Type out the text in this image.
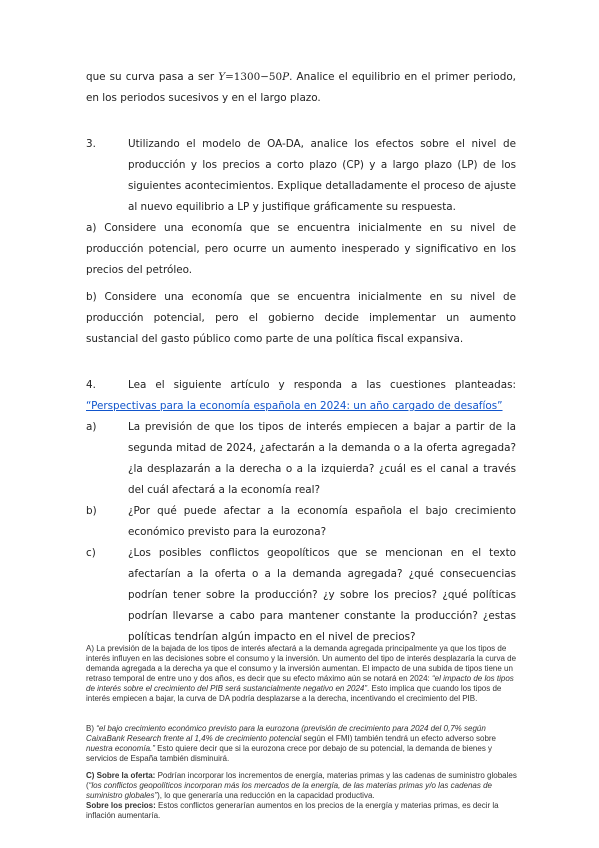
que su curva pasa a ser Y=1300−50P. Analice el equilibrio en el primer periodo, en los periodos sucesivos y en el largo plazo.

3.	Utilizando el modelo de OA-DA, analice los efectos sobre el nivel de producción y los precios a corto plazo (CP) y a largo plazo (LP) de los siguientes acontecimientos. Explique detalladamente el proceso de ajuste al nuevo equilibrio a LP y justifique gráficamente su respuesta.

a) Considere una economía que se encuentra inicialmente en su nivel de producción potencial, pero ocurre un aumento inesperado y significativo en los precios del petróleo.

b) Considere una economía que se encuentra inicialmente en su nivel de producción potencial, pero el gobierno decide implementar un aumento sustancial del gasto público como parte de una política fiscal expansiva.

4.	Lea el siguiente artículo y responda a las cuestiones planteadas: “Perspectivas para la economía española en 2024: un año cargado de desafíos”

a)	La previsión de que los tipos de interés empiecen a bajar a partir de la segunda mitad de 2024, ¿afectarán a la demanda o a la oferta agregada? ¿la desplazarán a la derecha o a la izquierda? ¿cuál es el canal a través del cuál afectará a la economía real?
b)	¿Por qué puede afectar a la economía española el bajo crecimiento económico previsto para la eurozona?
c)	¿Los posibles conflictos geopolíticos que se mencionan en el texto afectarían a la oferta o a la demanda agregada? ¿qué consecuencias podrían tener sobre la producción? ¿y sobre los precios? ¿qué políticas podrían llevarse a cabo para mantener constante la producción? ¿estas políticas tendrían algún impacto en el nivel de precios?

A) La previsión de la bajada de los tipos de interés afectará a la demanda agregada principalmente ya que los tipos de interés influyen en las decisiones sobre el consumo y la inversión. Un aumento del tipo de interés desplazaría la curva de demanda agregada a la derecha ya que el consumo y la inversión aumentan. El impacto de una subida de tipos tiene un retraso temporal de entre uno y dos años, es decir que su efecto máximo aún se notará en 2024: “el impacto de los tipos de interés sobre el crecimiento del PIB será sustancialmente negativo en 2024”. Esto implica que cuando los tipos de interés empiecen a bajar, la curva de DA podría desplazarse a la derecha, incentivando el crecimiento del PIB.

B) “el bajo crecimiento económico previsto para la eurozona (previsión de crecimiento para 2024 del 0,7% según CaixaBank Research frente al 1,4% de crecimiento potencial según el FMI) también tendrá un efecto adverso sobre nuestra economía.” Esto quiere decir que si la eurozona crece por debajo de su potencial, la demanda de bienes y servicios de España también disminuirá.

C) Sobre la oferta: Podrían incorporar los incrementos de energía, materias primas y las cadenas de suministro globales (“los conflictos geopolíticos incorporan más los mercados de la energía, de las materias primas y/o las cadenas de suministro globales”), lo que generaría una reducción en la capacidad productiva.

Sobre los precios: Estos conflictos generarían aumentos en los precios de la energía y materias primas, es decir la inflación aumentaría.
